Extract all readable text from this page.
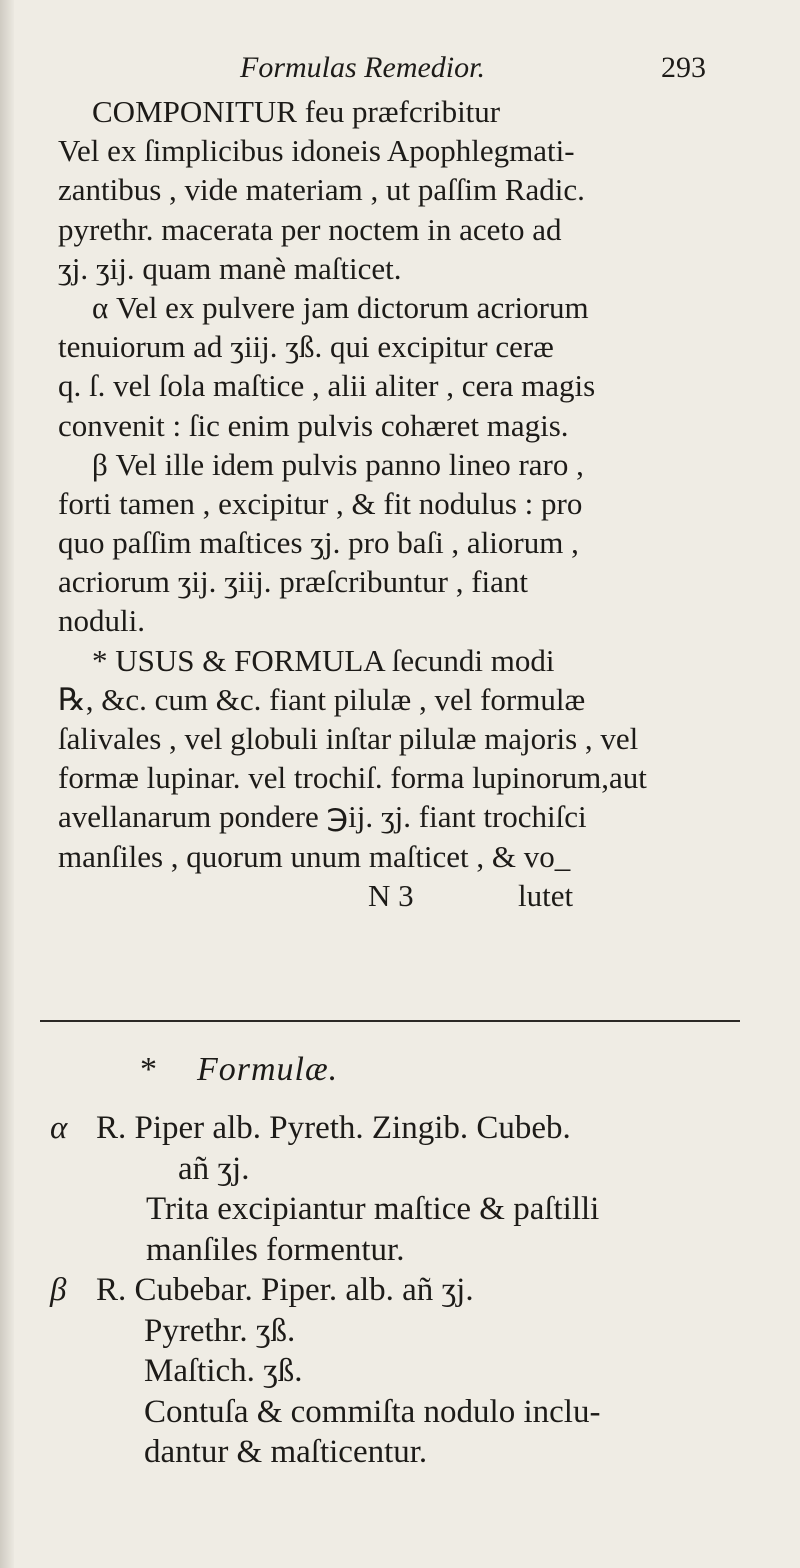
Formulas Remedior.	293
COMPONITUR feu præfcribitur
Vel ex ſimplicibus idoneis Apophlegmati-
zantibus , vide materiam , ut paſſim Radic.
pyrethr. macerata per noctem in aceto ad
ʒj. ʒij. quam manè maſticet.
α Vel ex pulvere jam dictorum acriorum
tenuiorum ad ʒiij. ʒß. qui excipitur ceræ
q. ſ. vel ſola maſtice , alii aliter , cera magis
convenit : ſic enim pulvis cohæret magis.
β Vel ille idem pulvis panno lineo raro ,
forti tamen , excipitur , & fit nodulus : pro
quo paſſim maſtices ʒj. pro baſi , aliorum ,
acriorum ʒij. ʒiij. præſcribuntur , fiant
noduli.
* USUS & FORMULA ſecundi modi
℞, &c. cum &c. fiant pilulæ , vel formulæ
ſalivales , vel globuli inſtar pilulæ majoris , vel
formæ lupinar. vel trochiſ. forma lupinorum,aut
avellanarum pondere ℈ij. ʒj. fiant trochiſci
manſiles , quorum unum maſticet , & vo_
N 3	lutet
* Formulæ.
α R. Piper alb. Pyreth. Zingib. Cubeb.
añ ʒj.
Trita excipiantur maſtice & paſtilli
manſiles formentur.
β R. Cubebar. Piper. alb. añ ʒj.
Pyrethr. ʒß.
Maſtich. ʒß.
Contuſa & commiſta nodulo inclu-
dantur & maſticentur.
